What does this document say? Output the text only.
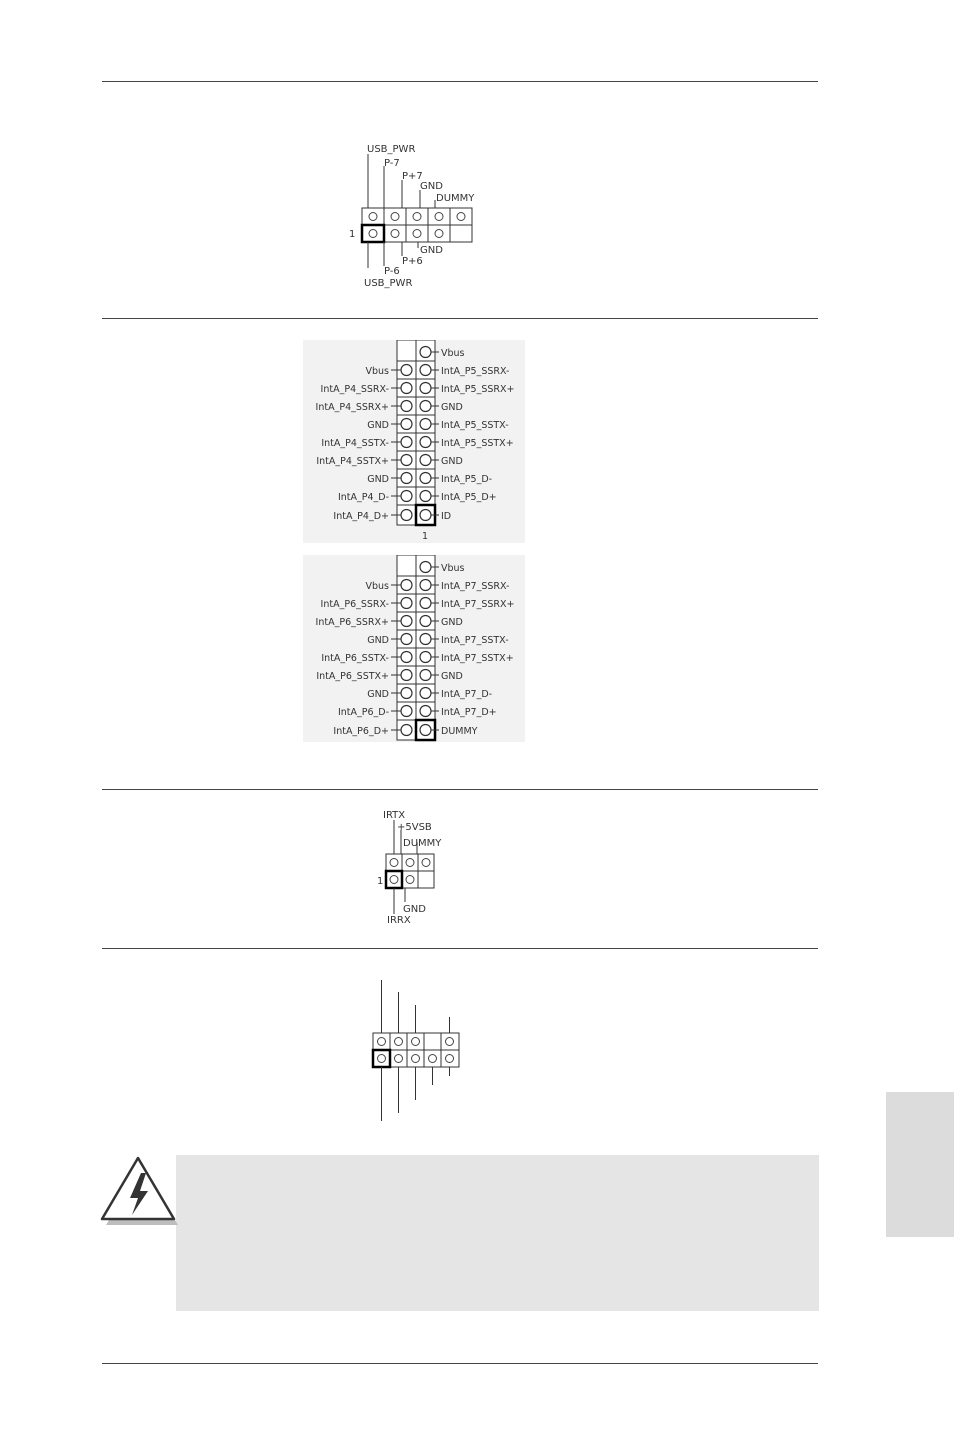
USB_PWR
P-7
P+7
GND
DUMMY
GND
P+6
P-6
USB_PWR
1
Vbus
IntA_P4_SSRX-
IntA_P4_SSRX+
GND
IntA_P4_SSTX-
IntA_P4_SSTX+
GND
IntA_P4_D-
IntA_P4_D+
Vbus
IntA_P5_SSRX-
IntA_P5_SSRX+
GND
IntA_P5_SSTX-
IntA_P5_SSTX+
GND
IntA_P5_D-
IntA_P5_D+
ID
1
Vbus
IntA_P6_SSRX-
IntA_P6_SSRX+
GND
IntA_P6_SSTX-
IntA_P6_SSTX+
GND
IntA_P6_D-
IntA_P6_D+
Vbus
IntA_P7_SSRX-
IntA_P7_SSRX+
GND
IntA_P7_SSTX-
IntA_P7_SSTX+
GND
IntA_P7_D-
IntA_P7_D+
DUMMY
IRTX
+5VSB
DUMMY
GND
IRRX
1
